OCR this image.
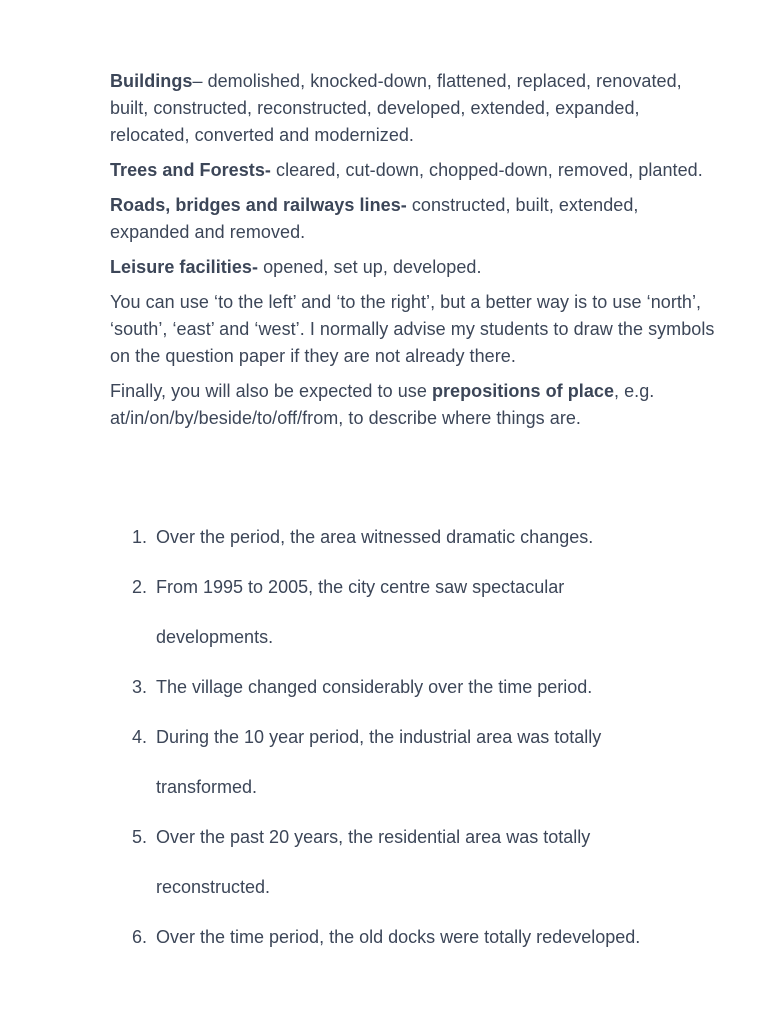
Buildings– demolished, knocked-down, flattened, replaced, renovated, built, constructed, reconstructed, developed, extended, expanded, relocated, converted and modernized.

Trees and Forests- cleared, cut-down, chopped-down, removed, planted.

Roads, bridges and railways lines- constructed, built, extended, expanded and removed.

Leisure facilities- opened, set up, developed.

You can use ‘to the left’ and ‘to the right’, but a better way is to use ‘north’, ‘south’, ‘east’ and ‘west’. I normally advise my students to draw the symbols on the question paper if they are not already there.

Finally, you will also be expected to use prepositions of place, e.g. at/in/on/by/beside/to/off/from, to describe where things are.

1. Over the period, the area witnessed dramatic changes.
2. From 1995 to 2005, the city centre saw spectacular
developments.
3. The village changed considerably over the time period.
4. During the 10 year period, the industrial area was totally
transformed.
5. Over the past 20 years, the residential area was totally
reconstructed.
6. Over the time period, the old docks were totally redeveloped.
